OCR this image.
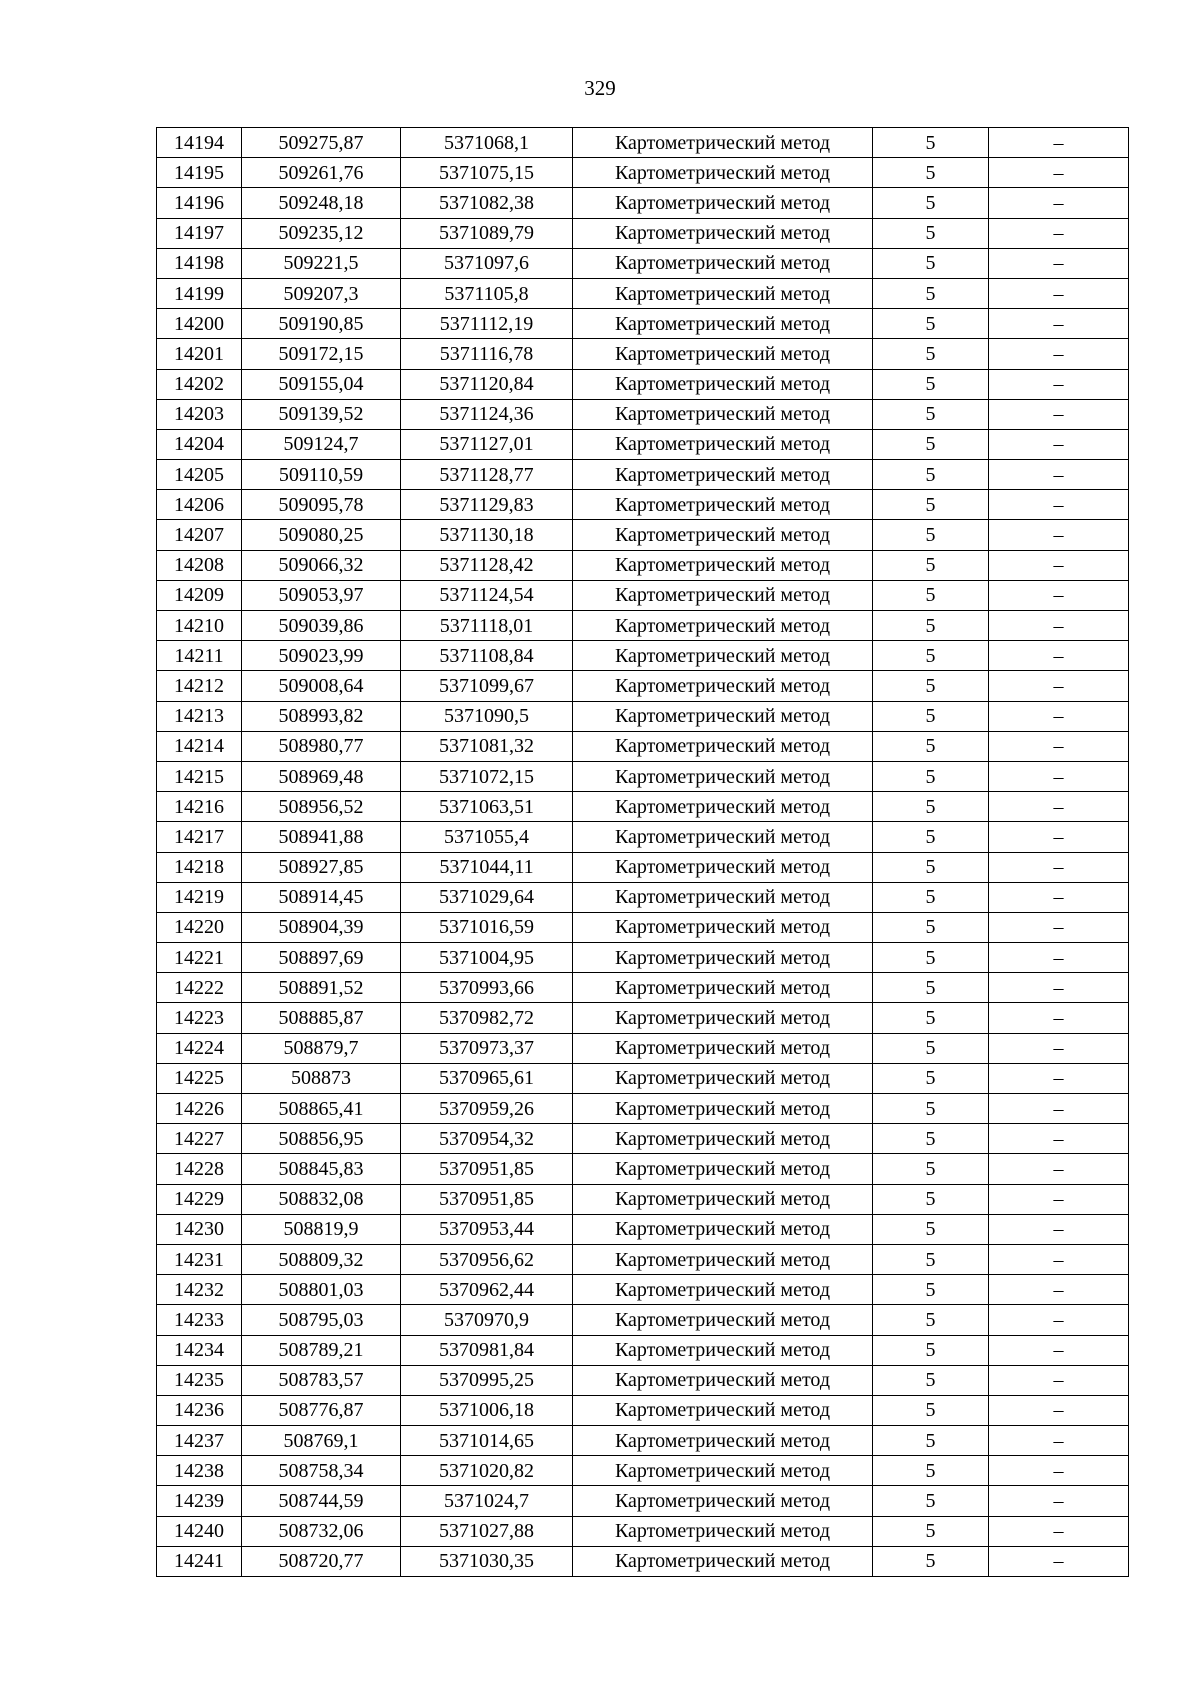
329
14194	509275,87	5371068,1	Картометрический метод	5	–
14195	509261,76	5371075,15	Картометрический метод	5	–
14196	509248,18	5371082,38	Картометрический метод	5	–
14197	509235,12	5371089,79	Картометрический метод	5	–
14198	509221,5	5371097,6	Картометрический метод	5	–
14199	509207,3	5371105,8	Картометрический метод	5	–
14200	509190,85	5371112,19	Картометрический метод	5	–
14201	509172,15	5371116,78	Картометрический метод	5	–
14202	509155,04	5371120,84	Картометрический метод	5	–
14203	509139,52	5371124,36	Картометрический метод	5	–
14204	509124,7	5371127,01	Картометрический метод	5	–
14205	509110,59	5371128,77	Картометрический метод	5	–
14206	509095,78	5371129,83	Картометрический метод	5	–
14207	509080,25	5371130,18	Картометрический метод	5	–
14208	509066,32	5371128,42	Картометрический метод	5	–
14209	509053,97	5371124,54	Картометрический метод	5	–
14210	509039,86	5371118,01	Картометрический метод	5	–
14211	509023,99	5371108,84	Картометрический метод	5	–
14212	509008,64	5371099,67	Картометрический метод	5	–
14213	508993,82	5371090,5	Картометрический метод	5	–
14214	508980,77	5371081,32	Картометрический метод	5	–
14215	508969,48	5371072,15	Картометрический метод	5	–
14216	508956,52	5371063,51	Картометрический метод	5	–
14217	508941,88	5371055,4	Картометрический метод	5	–
14218	508927,85	5371044,11	Картометрический метод	5	–
14219	508914,45	5371029,64	Картометрический метод	5	–
14220	508904,39	5371016,59	Картометрический метод	5	–
14221	508897,69	5371004,95	Картометрический метод	5	–
14222	508891,52	5370993,66	Картометрический метод	5	–
14223	508885,87	5370982,72	Картометрический метод	5	–
14224	508879,7	5370973,37	Картометрический метод	5	–
14225	508873	5370965,61	Картометрический метод	5	–
14226	508865,41	5370959,26	Картометрический метод	5	–
14227	508856,95	5370954,32	Картометрический метод	5	–
14228	508845,83	5370951,85	Картометрический метод	5	–
14229	508832,08	5370951,85	Картометрический метод	5	–
14230	508819,9	5370953,44	Картометрический метод	5	–
14231	508809,32	5370956,62	Картометрический метод	5	–
14232	508801,03	5370962,44	Картометрический метод	5	–
14233	508795,03	5370970,9	Картометрический метод	5	–
14234	508789,21	5370981,84	Картометрический метод	5	–
14235	508783,57	5370995,25	Картометрический метод	5	–
14236	508776,87	5371006,18	Картометрический метод	5	–
14237	508769,1	5371014,65	Картометрический метод	5	–
14238	508758,34	5371020,82	Картометрический метод	5	–
14239	508744,59	5371024,7	Картометрический метод	5	–
14240	508732,06	5371027,88	Картометрический метод	5	–
14241	508720,77	5371030,35	Картометрический метод	5	–
